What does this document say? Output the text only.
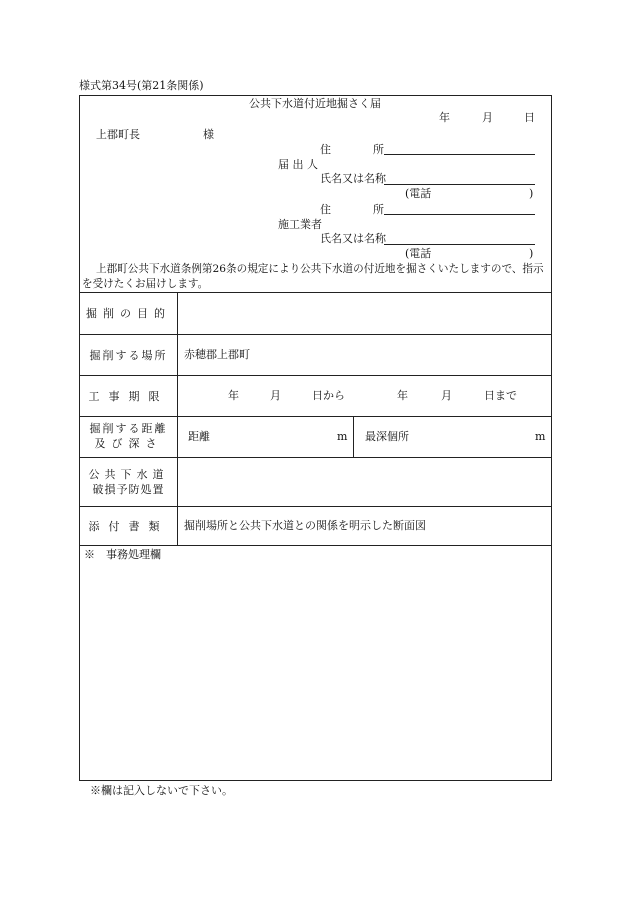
様式第34号(第21条関係)
公共下水道付近地掘さく届
年	月	日
上郡町長	様
住	所
届 出 人
氏名又は名称
(電話	)
住	所
施工業者
氏名又は名称
(電話	)
上郡町公共下水道条例第26条の規定により公共下水道の付近地を掘さくいたしますので、指示
を受けたくお届けします。
掘削の目的
掘削する場所	赤穂郡上郡町
工事期限	年	月	日から	年	月	日まで
掘削する距離
及び深さ
距離	m 最深個所	m
公共下水道
破損予防処置
添付書類	掘削場所と公共下水道との関係を明示した断面図
※　事務処理欄
※欄は記入しないで下さい。
